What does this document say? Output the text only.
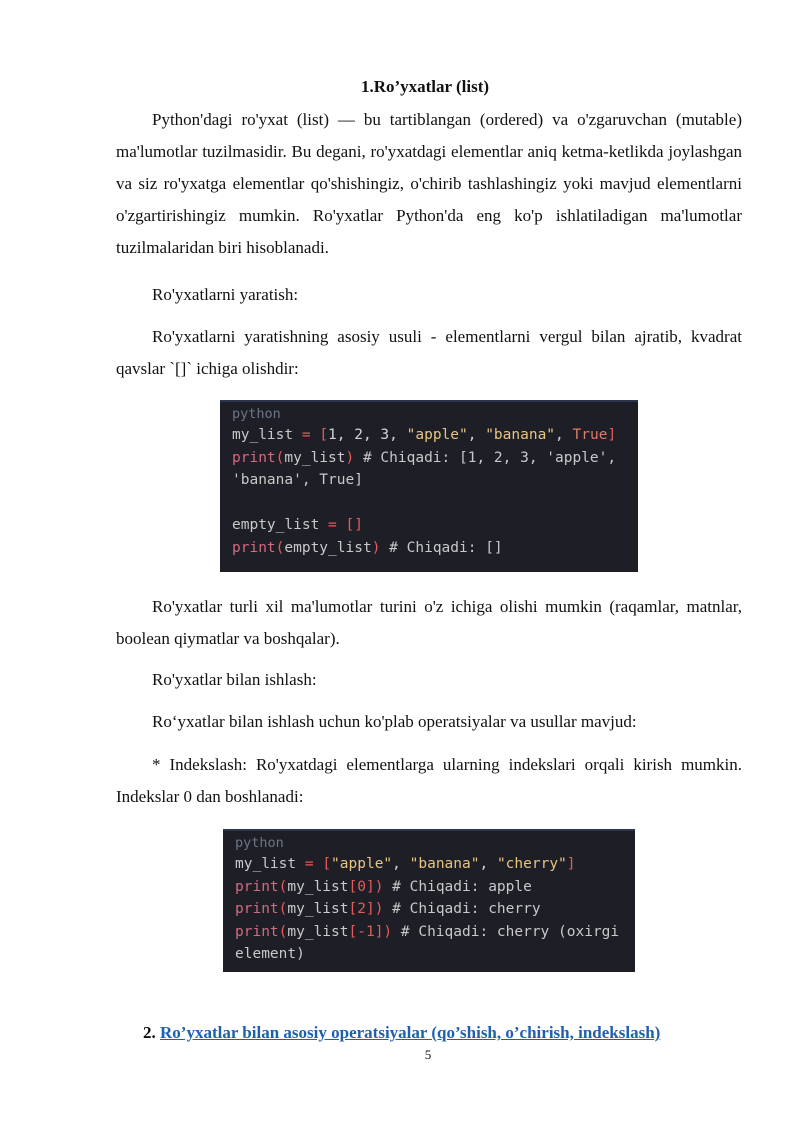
1.Ro’yxatlar (list)

Python'dagi ro'yxat (list) — bu tartiblangan (ordered) va o'zgaruvchan (mutable) ma'lumotlar tuzilmasidir. Bu degani, ro'yxatdagi elementlar aniq ketma-ketlikda joylashgan va siz ro'yxatga elementlar qo'shishingiz, o'chirib tashlashingiz yoki mavjud elementlarni o'zgartirishingiz mumkin. Ro'yxatlar Python'da eng ko'p ishlatiladigan ma'lumotlar tuzilmalaridan biri hisoblanadi.

Ro'yxatlarni yaratish:

Ro'yxatlarni yaratishning asosiy usuli - elementlarni vergul bilan ajratib, kvadrat qavslar `[]` ichiga olishdir:

python
my_list = [1, 2, 3, "apple", "banana", True]
print(my_list) # Chiqadi: [1, 2, 3, 'apple',
'banana', True]
empty_list = []
print(empty_list) # Chiqadi: []

Ro'yxatlar turli xil ma'lumotlar turini o'z ichiga olishi mumkin (raqamlar, matnlar, boolean qiymatlar va boshqalar).

Ro'yxatlar bilan ishlash:

Ro‘yxatlar bilan ishlash uchun ko'plab operatsiyalar va usullar mavjud:

* Indekslash: Ro'yxatdagi elementlarga ularning indekslari orqali kirish mumkin. Indekslar 0 dan boshlanadi:

python
my_list = ["apple", "banana", "cherry"]
print(my_list[0]) # Chiqadi: apple
print(my_list[2]) # Chiqadi: cherry
print(my_list[-1]) # Chiqadi: cherry (oxirgi
element)
2. Ro’yxatlar bilan asosiy operatsiyalar (qo’shish, o’chirish, indekslash)
5
